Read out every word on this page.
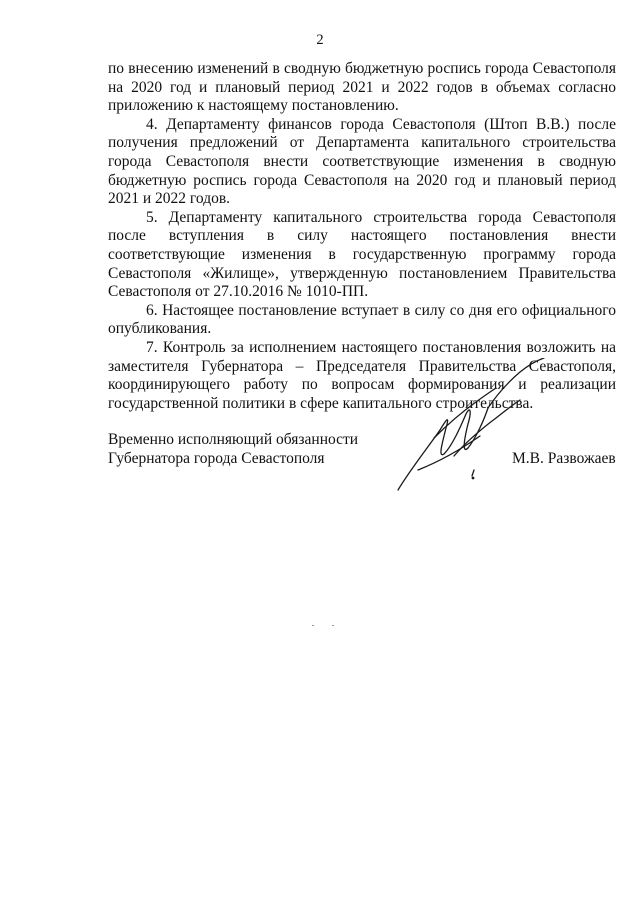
2

по внесению изменений в сводную бюджетную роспись города Севастополя на 2020 год и плановый период 2021 и 2022 годов в объемах согласно приложению к настоящему постановлению.

4. Департаменту финансов города Севастополя (Штоп В.В.) после получения предложений от Департамента капитального строительства города Севастополя внести соответствующие изменения в сводную бюджетную роспись города Севастополя на 2020 год и плановый период 2021 и 2022 годов.

5. Департаменту капитального строительства города Севастополя после вступления в силу настоящего постановления внести соответствующие изменения в государственную программу города Севастополя «Жилище», утвержденную постановлением Правительства Севастополя от 27.10.2016 № 1010-ПП.

6. Настоящее постановление вступает в силу со дня его официального опубликования.

7. Контроль за исполнением настоящего постановления возложить на заместителя Губернатора – Председателя Правительства Севастополя, координирующего работу по вопросам формирования и реализации государственной политики в сфере капитального строительства.

Временно исполняющий обязанности
Губернатора города Севастополя	М.В. Развожаев
